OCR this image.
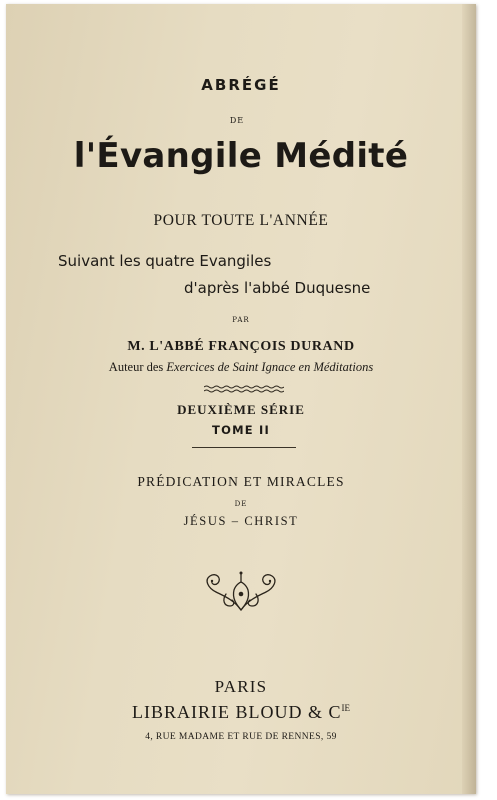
ABRÉGÉ
DE
l'Évangile Médité
POUR TOUTE L'ANNÉE
Suivant les quatre Evangiles
d'après l'abbé Duquesne
PAR
M. L'ABBÉ FRANÇOIS DURAND
Auteur des Exercices de Saint Ignace en Méditations
DEUXIÈME SÉRIE
TOME II
PRÉDICATION ET MIRACLES
DE
JÉSUS – CHRIST
PARIS
LIBRAIRIE BLOUD & $C^{IE}$
4, RUE MADAME ET RUE DE RENNES, 59
